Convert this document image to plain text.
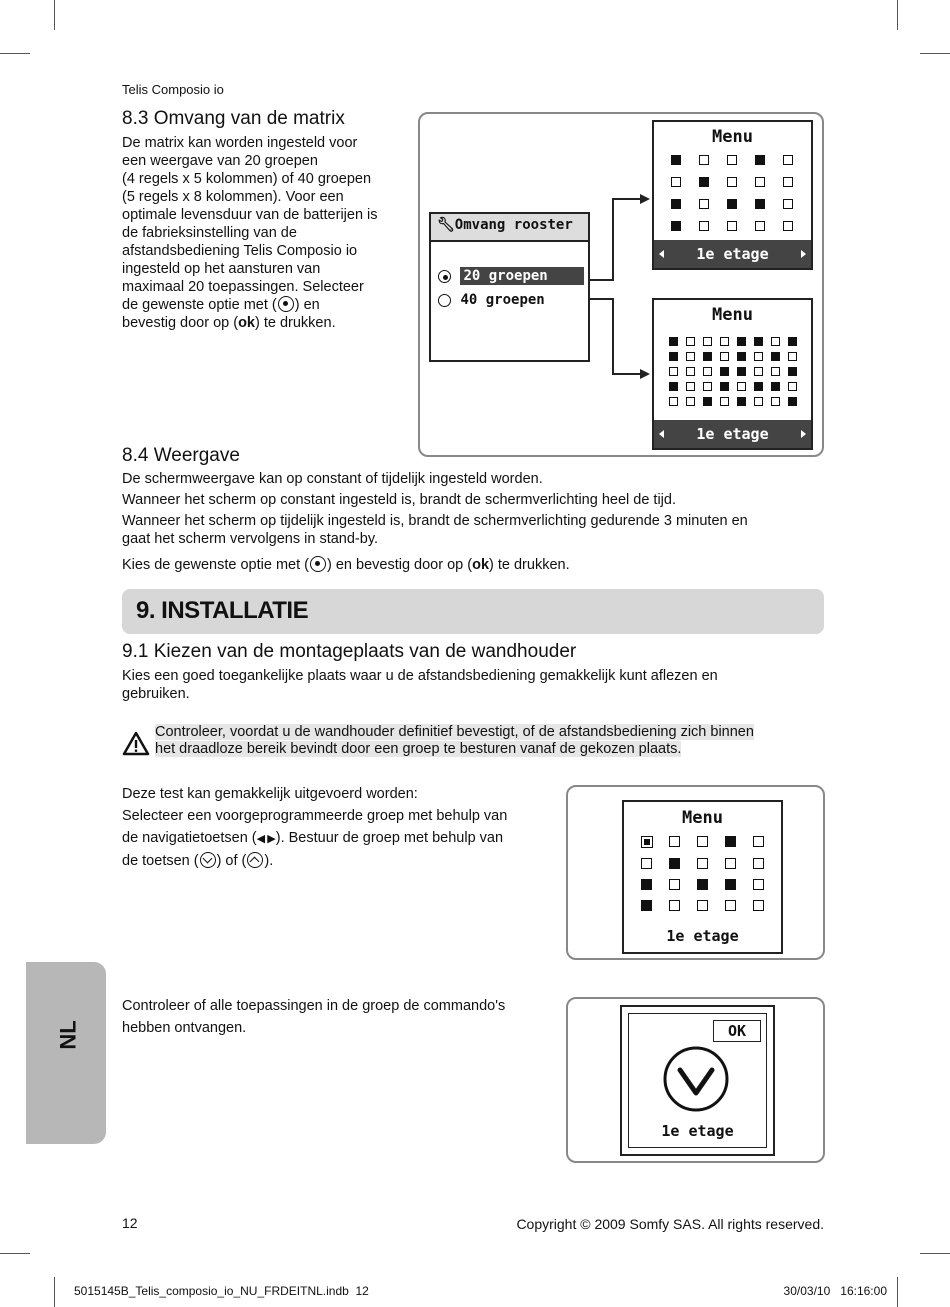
Telis Composio io
8.3 Omvang van de matrix
De matrix kan worden ingesteld voor
een weergave van 20 groepen
(4 regels x 5 kolommen) of 40 groepen
(5 regels x 8 kolommen). Voor een
optimale levensduur van de batterijen is
de fabrieksinstelling van de
afstandsbediening Telis Composio io
ingesteld op het aansturen van
maximaal 20 toepassingen. Selecteer
de gewenste optie met ( ) en
bevestig door op (ok) te drukken.
🔧︎Omvang rooster
20 groepen
40 groepen
Menu
1e etage
Menu
1e etage
8.4 Weergave
De schermweergave kan op constant of tijdelijk ingesteld worden.
Wanneer het scherm op constant ingesteld is, brandt de schermverlichting heel de tijd.
Wanneer het scherm op tijdelijk ingesteld is, brandt de schermverlichting gedurende 3 minuten en
gaat het scherm vervolgens in stand-by.
Kies de gewenste optie met ( ) en bevestig door op (ok) te drukken.
9. INSTALLATIE
9.1 Kiezen van de montageplaats van de wandhouder
Kies een goed toegankelijke plaats waar u de afstandsbediening gemakkelijk kunt aflezen en
gebruiken.
Controleer, voordat u de wandhouder definitief bevestigt, of de afstandsbediening zich binnen
het draadloze bereik bevindt door een groep te besturen vanaf de gekozen plaats.
Deze test kan gemakkelijk uitgevoerd worden:
Selecteer een voorgeprogrammeerde groep met behulp van
de navigatietoetsen (◀ ▶). Bestuur de groep met behulp van
de toetsen ( ) of ( ).
Menu
1e etage
Controleer of alle toepassingen in de groep de commando's
hebben ontvangen.	OK
1e etage
NL
12	Copyright © 2009 Somfy SAS. All rights reserved.
5015145B_Telis_composio_io_NU_FRDEITNL.indb 12	30/03/10 16:16:00
